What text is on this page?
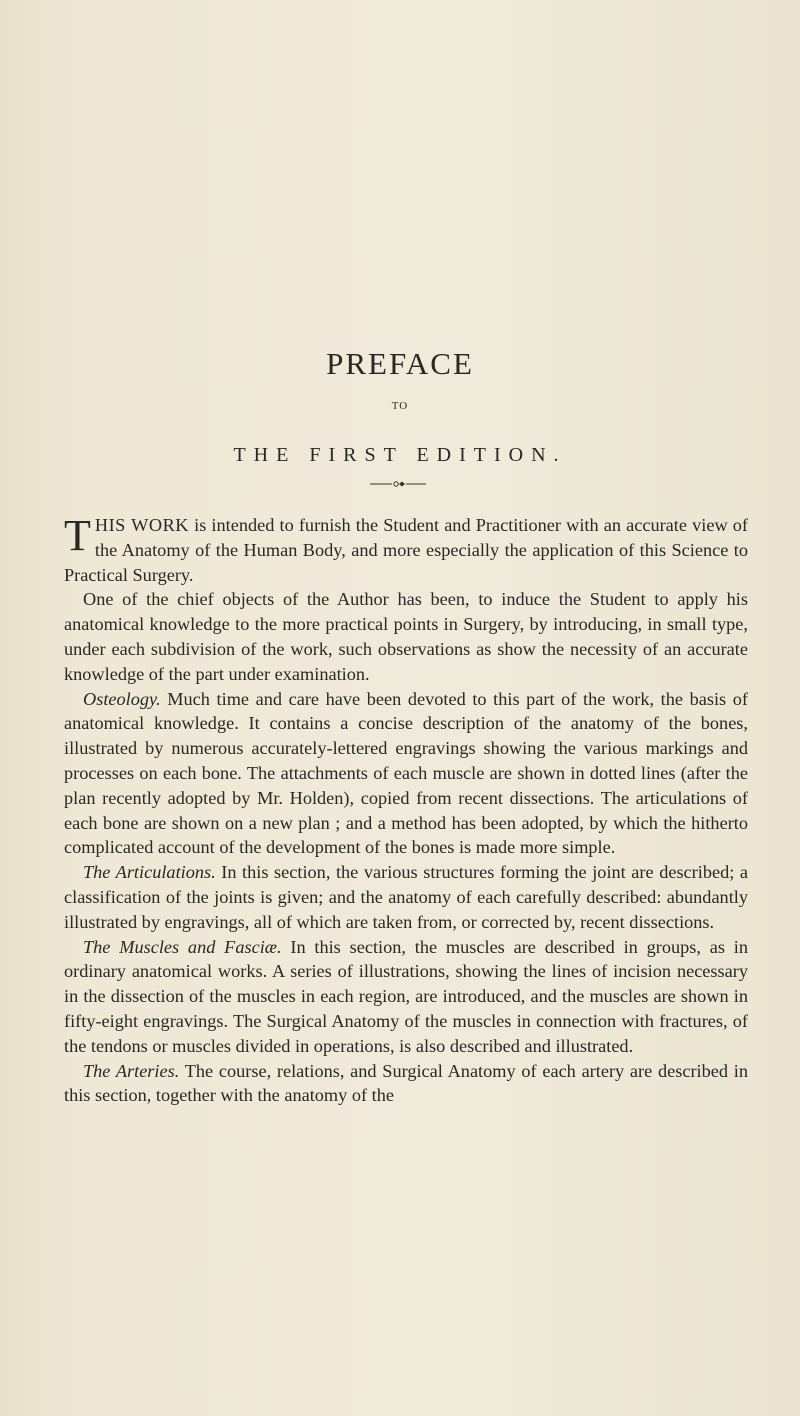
PREFACE
TO
THE FIRST EDITION.

THIS WORK is intended to furnish the Student and Practitioner with an accurate view of the Anatomy of the Human Body, and more especially the application of this Science to Practical Surgery.

One of the chief objects of the Author has been, to induce the Student to apply his anatomical knowledge to the more practical points in Surgery, by introducing, in small type, under each subdivision of the work, such observations as show the necessity of an accurate knowledge of the part under examination.

Osteology. Much time and care have been devoted to this part of the work, the basis of anatomical knowledge. It contains a concise description of the anatomy of the bones, illustrated by numerous accurately-lettered engravings showing the various markings and processes on each bone. The attachments of each muscle are shown in dotted lines (after the plan recently adopted by Mr. Holden), copied from recent dissections. The articulations of each bone are shown on a new plan ; and a method has been adopted, by which the hitherto complicated account of the development of the bones is made more simple.

The Articulations. In this section, the various structures forming the joint are described; a classification of the joints is given; and the anatomy of each carefully described: abundantly illustrated by engravings, all of which are taken from, or corrected by, recent dissections.

The Muscles and Fasciæ. In this section, the muscles are described in groups, as in ordinary anatomical works. A series of illustrations, showing the lines of incision necessary in the dissection of the muscles in each region, are introduced, and the muscles are shown in fifty-eight engravings. The Surgical Anatomy of the muscles in connection with fractures, of the tendons or muscles divided in operations, is also described and illustrated.

The Arteries. The course, relations, and Surgical Anatomy of each artery are described in this section, together with the anatomy of the
